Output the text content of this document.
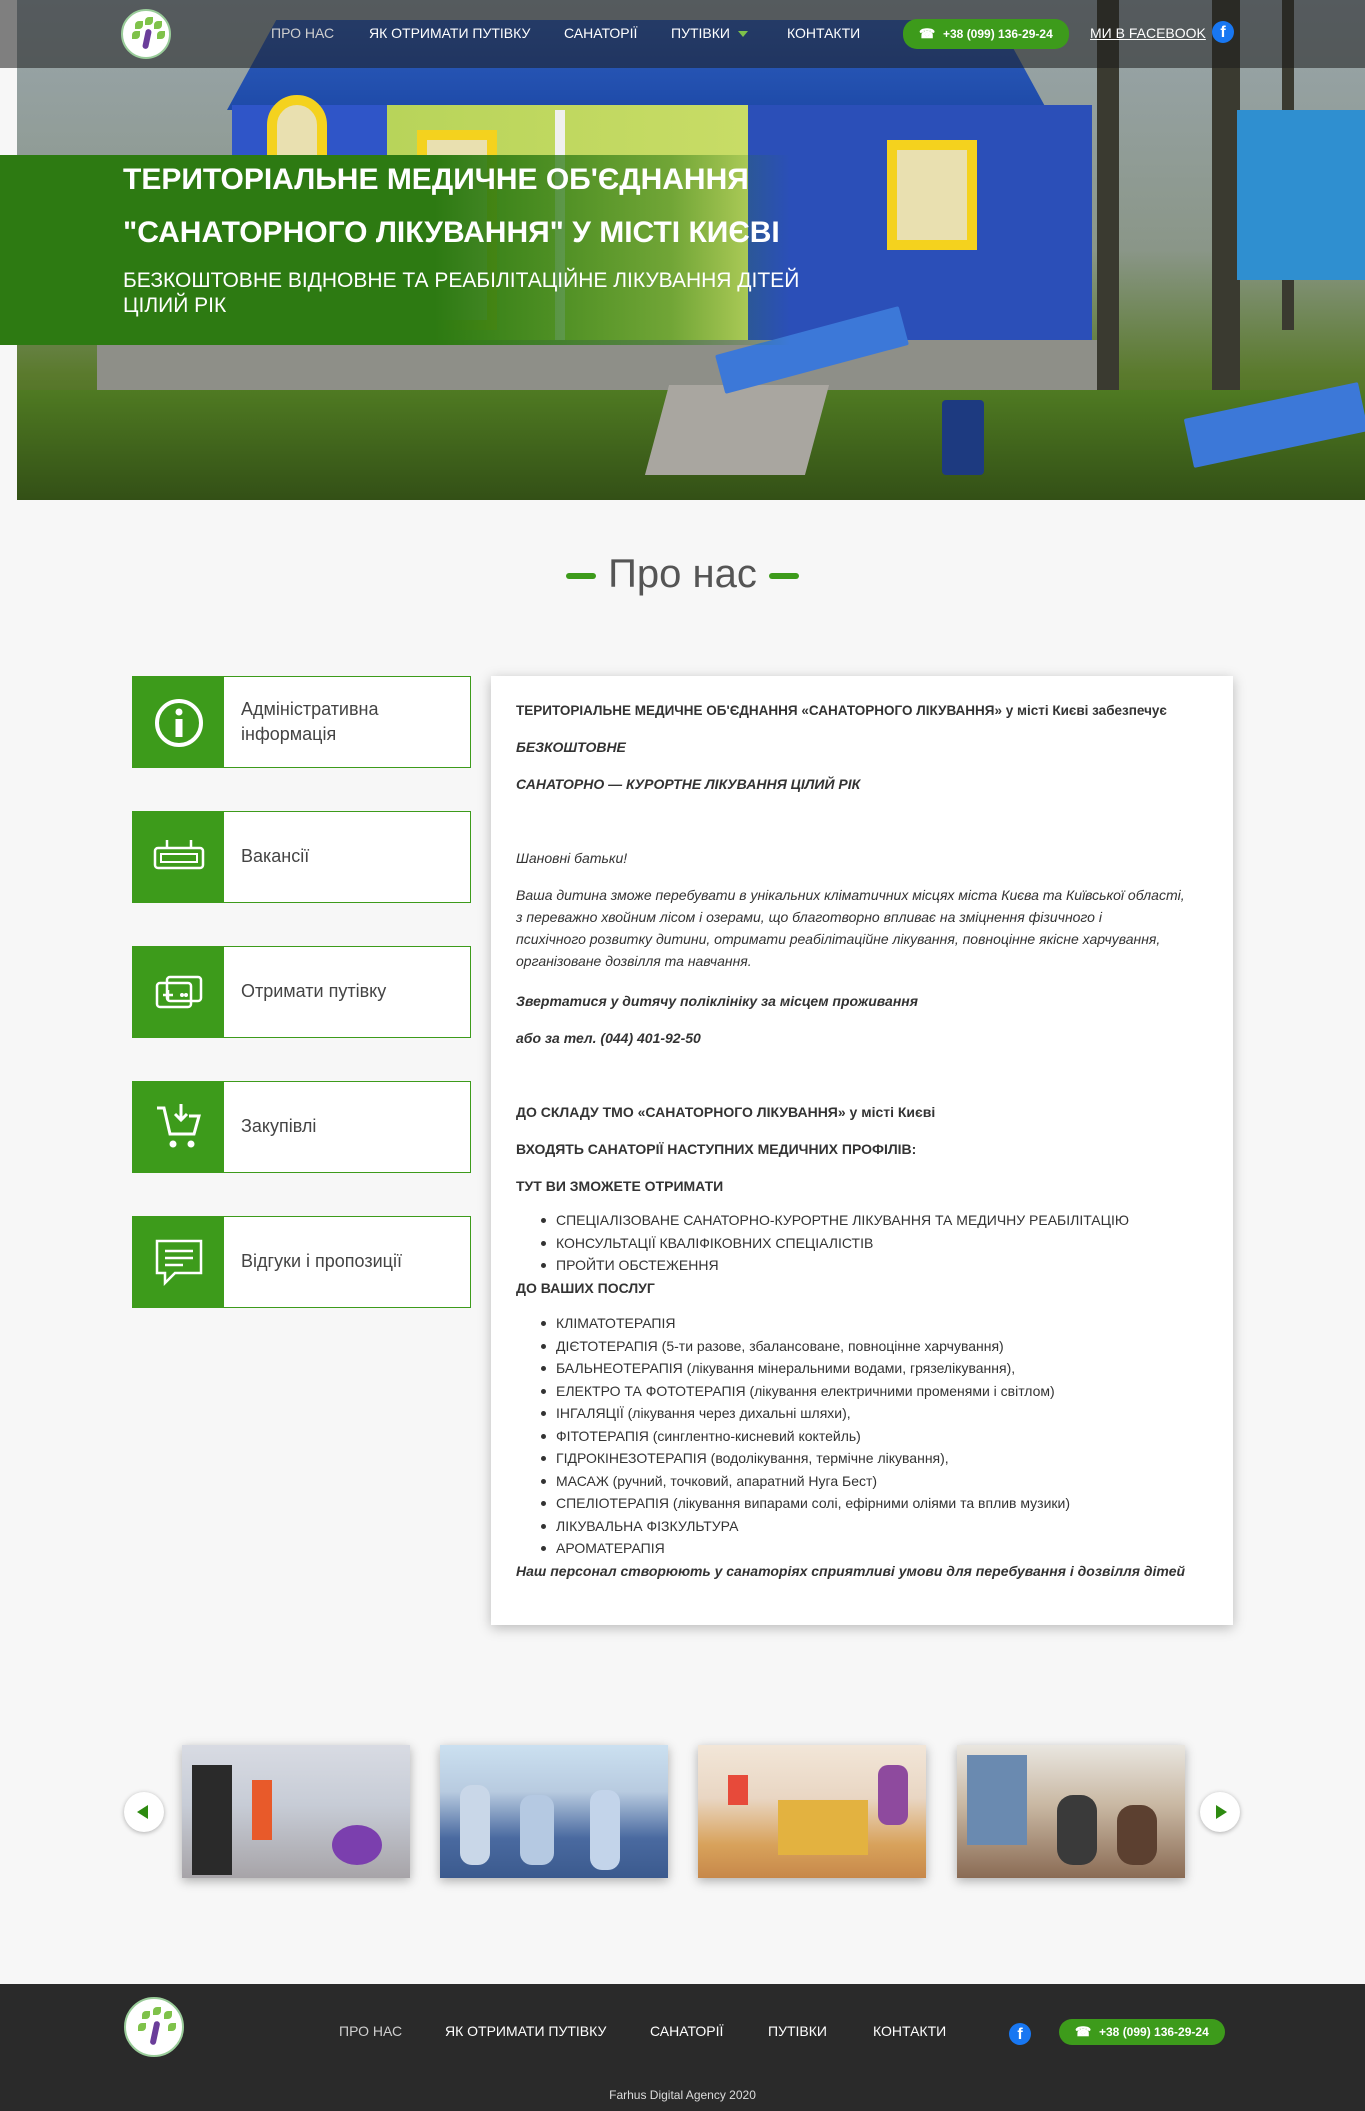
ПРО НАС ЯК ОТРИМАТИ ПУТІВКУ САНАТОРІЇ ПУТІВКИ	КОНТАКТИ	☎ +38 (099) 136-29-24	МИ В FACEBOOK f
ТЕРИТОРІАЛЬНЕ МЕДИЧНЕ ОБ'ЄДНАННЯ
"САНАТОРНОГО ЛІКУВАННЯ" У МІСТІ КИЄВІ
БЕЗКОШТОВНЕ ВІДНОВНЕ ТА РЕАБІЛІТАЦІЙНЕ ЛІКУВАННЯ ДІТЕЙ
ЦІЛИЙ РІК
Про нас
Адміністративна
інформація
Вакансії
Отримати путівку
Закупівлі
Відгуки і пропозиції
ТЕРИТОРІАЛЬНЕ МЕДИЧНЕ ОБ'ЄДНАННЯ «САНАТОРНОГО ЛІКУВАННЯ» у місті Києві забезпечує
БЕЗКОШТОВНЕ
САНАТОРНО — КУРОРТНЕ ЛІКУВАННЯ ЦІЛИЙ РІК
Шановні батьки!
Ваша дитина зможе перебувати в унікальних кліматичних місцях міста Києва та Київської області,
з переважно хвойним лісом і озерами, що благотворно впливає на зміцнення фізичного і
психічного розвитку дитини, отримати реабілітаційне лікування, повноцінне якісне харчування,
організоване дозвілля та навчання.
Звертатися у дитячу поліклініку за місцем проживання
або за тел. (044) 401-92-50
ДО СКЛАДУ ТМО «САНАТОРНОГО ЛІКУВАННЯ» у місті Києві
ВХОДЯТЬ САНАТОРІЇ НАСТУПНИХ МЕДИЧНИХ ПРОФІЛІВ:
ТУТ ВИ ЗМОЖЕТЕ ОТРИМАТИ
СПЕЦІАЛІЗОВАНЕ САНАТОРНО-КУРОРТНЕ ЛІКУВАННЯ ТА МЕДИЧНУ РЕАБІЛІТАЦІЮ
КОНСУЛЬТАЦІЇ КВАЛІФІКОВНИХ СПЕЦІАЛІСТІВ
ПРОЙТИ ОБСТЕЖЕННЯ
ДО ВАШИХ ПОСЛУГ
КЛІМАТОТЕРАПІЯ
ДІЄТОТЕРАПІЯ (5-ти разове, збалансоване, повноцінне харчування)
БАЛЬНЕОТЕРАПІЯ (лікування мінеральними водами, грязелікування),
ЕЛЕКТРО ТА ФОТОТЕРАПІЯ (лікування електричними променями і світлом)
ІНГАЛЯЦІЇ (лікування через дихальні шляхи),
ФІТОТЕРАПІЯ (синглентно-кисневий коктейль)
ГІДРОКІНЕЗОТЕРАПІЯ (водолікування, термічне лікування),
МАСАЖ (ручний, точковий, апаратний Нуга Бест)
СПЕЛІОТЕРАПІЯ (лікування випарами солі, ефірними оліями та вплив музики)
ЛІКУВАЛЬНА ФІЗКУЛЬТУРА
АРОМАТЕРАПІЯ
Наш персонал створюють у санаторіях сприятливі умови для перебування і дозвілля дітей
ПРО НАС	ЯК ОТРИМАТИ ПУТІВКУ	САНАТОРІЇ	ПУТІВКИ	КОНТАКТИ	f	☎ +38 (099) 136-29-24
Farhus Digital Agency 2020
